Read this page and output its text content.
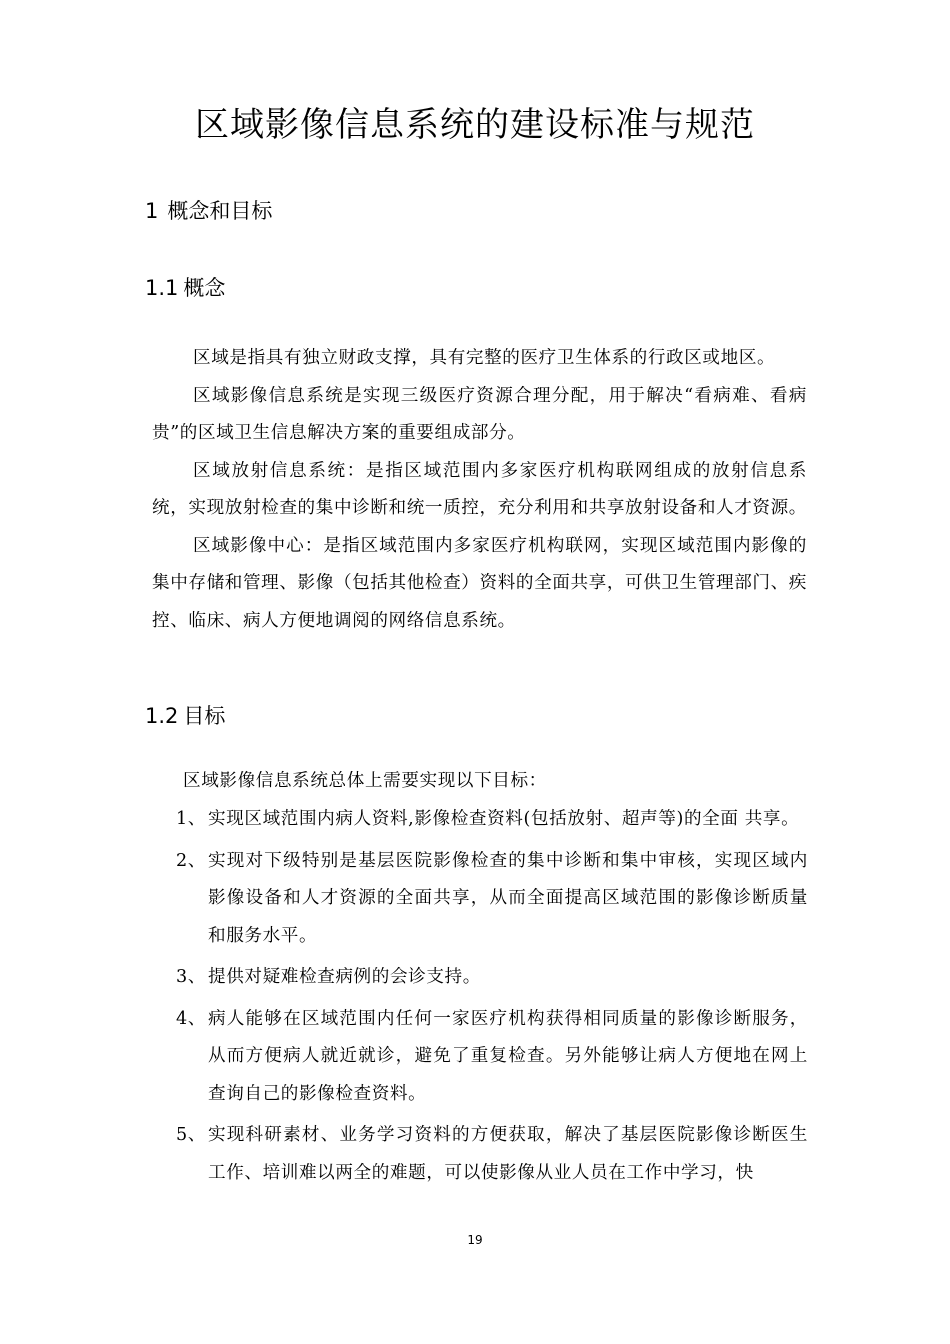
区域影像信息系统的建设标准与规范
1 概念和目标
1.1 概念

区域是指具有独立财政支撑，具有完整的医疗卫生体系的行政区或地区。

区域影像信息系统是实现三级医疗资源合理分配，用于解决“看病难、看病贵”的区域卫生信息解决方案的重要组成部分。

区域放射信息系统：是指区域范围内多家医疗机构联网组成的放射信息系统，实现放射检查的集中诊断和统一质控，充分利用和共享放射设备和人才资源。

区域影像中心：是指区域范围内多家医疗机构联网，实现区域范围内影像的集中存储和管理、影像（包括其他检查）资料的全面共享，可供卫生管理部门、疾控、临床、病人方便地调阅的网络信息系统。

1.2 目标
区域影像信息系统总体上需要实现以下目标：
1、 实现区域范围内病人资料,影像检查资料(包括放射、超声等)的全面 共享。
2、 实现对下级特别是基层医院影像检查的集中诊断和集中审核，实现区域内影像设备和人才资源的全面共享，从而全面提高区域范围的影像诊断质量和服务水平。
3、 提供对疑难检查病例的会诊支持。
4、 病人能够在区域范围内任何一家医疗机构获得相同质量的影像诊断服务，从而方便病人就近就诊，避免了重复检查。另外能够让病人方便地在网上查询自己的影像检查资料。
5、 实现科研素材、业务学习资料的方便获取，解决了基层医院影像诊断医生工作、培训难以两全的难题，可以使影像从业人员在工作中学习，快
19
